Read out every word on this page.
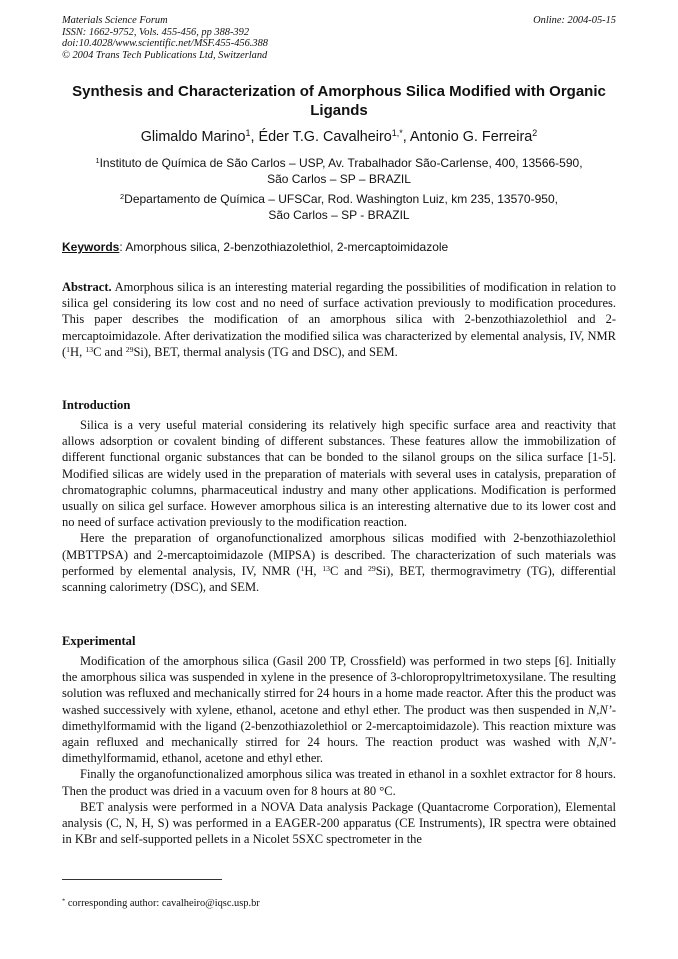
Materials Science Forum
ISSN: 1662-9752, Vols. 455-456, pp 388-392
doi:10.4028/www.scientific.net/MSF.455-456.388
© 2004 Trans Tech Publications Ltd, Switzerland
Online: 2004-05-15
Synthesis and Characterization of Amorphous Silica Modified with Organic Ligands
Glimaldo Marino$^1$, Éder T.G. Cavalheiro$^{1,*}$, Antonio G. Ferreira$^2$
$^1$Instituto de Química de São Carlos – USP, Av. Trabalhador São-Carlense, 400, 13566-590,
São Carlos – SP – BRAZIL
$^2$Departamento de Química – UFSCar, Rod. Washington Luiz, km 235, 13570-950,
São Carlos – SP - BRAZIL
Keywords: Amorphous silica, 2-benzothiazolethiol, 2-mercaptoimidazole

Abstract. Amorphous silica is an interesting material regarding the possibilities of modification in relation to silica gel considering its low cost and no need of surface activation previously to modification procedures. This paper describes the modification of an amorphous silica with 2-benzothiazolethiol and 2-mercaptoimidazole. After derivatization the modified silica was characterized by elemental analysis, IV, NMR ($^1$H, $^{13}$C and $^{29}$Si), BET, thermal analysis (TG and DSC), and SEM.

Introduction

Silica is a very useful material considering its relatively high specific surface area and reactivity that allows adsorption or covalent binding of different substances. These features allow the immobilization of different functional organic substances that can be bonded to the silanol groups on the silica surface [1-5]. Modified silicas are widely used in the preparation of materials with several uses in catalysis, preparation of chromatographic columns, pharmaceutical industry and many other applications. Modification is performed usually on silica gel surface. However amorphous silica is an interesting alternative due to its lower cost and no need of surface activation previously to the modification reaction.

Here the preparation of organofunctionalized amorphous silicas modified with 2-benzothiazolethiol (MBTTPSA) and 2-mercaptoimidazole (MIPSA) is described. The characterization of such materials was performed by elemental analysis, IV, NMR ($^1$H, $^{13}$C and $^{29}$Si), BET, thermogravimetry (TG), differential scanning calorimetry (DSC), and SEM.

Experimental

Modification of the amorphous silica (Gasil 200 TP, Crossfield) was performed in two steps [6]. Initially the amorphous silica was suspended in xylene in the presence of 3-chloropropyltrimetoxysilane. The resulting solution was refluxed and mechanically stirred for 24 hours in a home made reactor. After this the product was washed successively with xylene, ethanol, acetone and ethyl ether. The product was then suspended in N,N’-dimethylformamid with the ligand (2-benzothiazolethiol or 2-mercaptoimidazole). This reaction mixture was again refluxed and mechanically stirred for 24 hours. The reaction product was washed with N,N’-dimethylformamid, ethanol, acetone and ethyl ether.

Finally the organofunctionalized amorphous silica was treated in ethanol in a soxhlet extractor for 8 hours. Then the product was dried in a vacuum oven for 8 hours at 80 °C.

BET analysis were performed in a NOVA Data analysis Package (Quantacrome Corporation), Elemental analysis (C, N, H, S) was performed in a EAGER-200 apparatus (CE Instruments), IR spectra were obtained in KBr and self-supported pellets in a Nicolet 5SXC spectrometer in the

* corresponding author: cavalheiro@iqsc.usp.br
